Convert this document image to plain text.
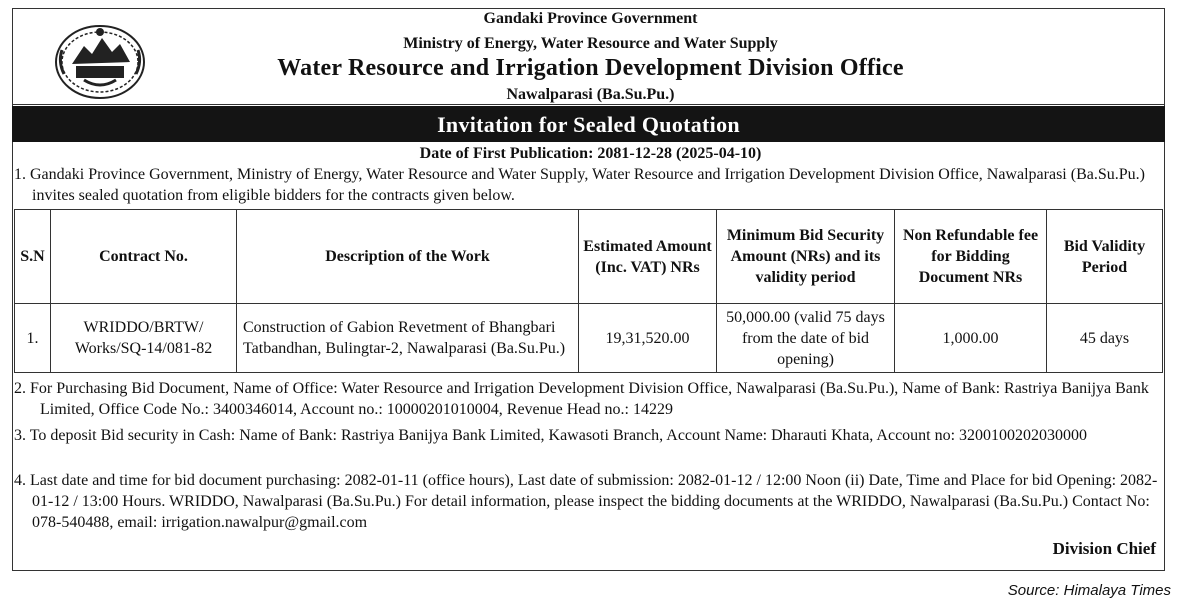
Gandaki Province Government

Ministry of Energy, Water Resource and Water Supply

Water Resource and Irrigation Development Division Office

Nawalparasi (Ba.Su.Pu.)

Invitation for Sealed Quotation

Date of First Publication: 2081-12-28 (2025-04-10)

1. Gandaki Province Government, Ministry of Energy, Water Resource and Water Supply, Water Resource and Irrigation Development Division Office, Nawalparasi (Ba.Su.Pu.) invites sealed quotation from eligible bidders for the contracts given below.

S.N	Contract No.	Description of the Work	Estimated Amount (Inc. VAT) NRs	Minimum Bid Security Amount (NRs) and its validity period	Non Refundable fee for Bidding Document NRs	Bid Validity Period
1.	WRIDDO/BRTW/ Works/SQ-14/081-82	Construction of Gabion Revetment of Bhangbari Tatbandhan, Bulingtar-2, Nawalparasi (Ba.Su.Pu.)	19,31,520.00	50,000.00 (valid 75 days from the date of bid opening)	1,000.00	45 days

2. For Purchasing Bid Document, Name of Office: Water Resource and Irrigation Development Division Office, Nawalparasi (Ba.Su.Pu.), Name of Bank: Rastriya Banijya Bank Limited, Office Code No.: 3400346014, Account no.: 10000201010004, Revenue Head no.: 14229

3. To deposit Bid security in Cash: Name of Bank: Rastriya Banijya Bank Limited, Kawasoti Branch, Account Name: Dharauti Khata, Account no: 3200100202030000

4. Last date and time for bid document purchasing: 2082-01-11 (office hours), Last date of submission: 2082-01-12 / 12:00 Noon (ii) Date, Time and Place for bid Opening: 2082-01-12 / 13:00 Hours. WRIDDO, Nawalparasi (Ba.Su.Pu.) For detail information, please inspect the bidding documents at the WRIDDO, Nawalparasi (Ba.Su.Pu.) Contact No: 078-540488, email: irrigation.nawalpur@gmail.com

Division Chief

Source: Himalaya Times
